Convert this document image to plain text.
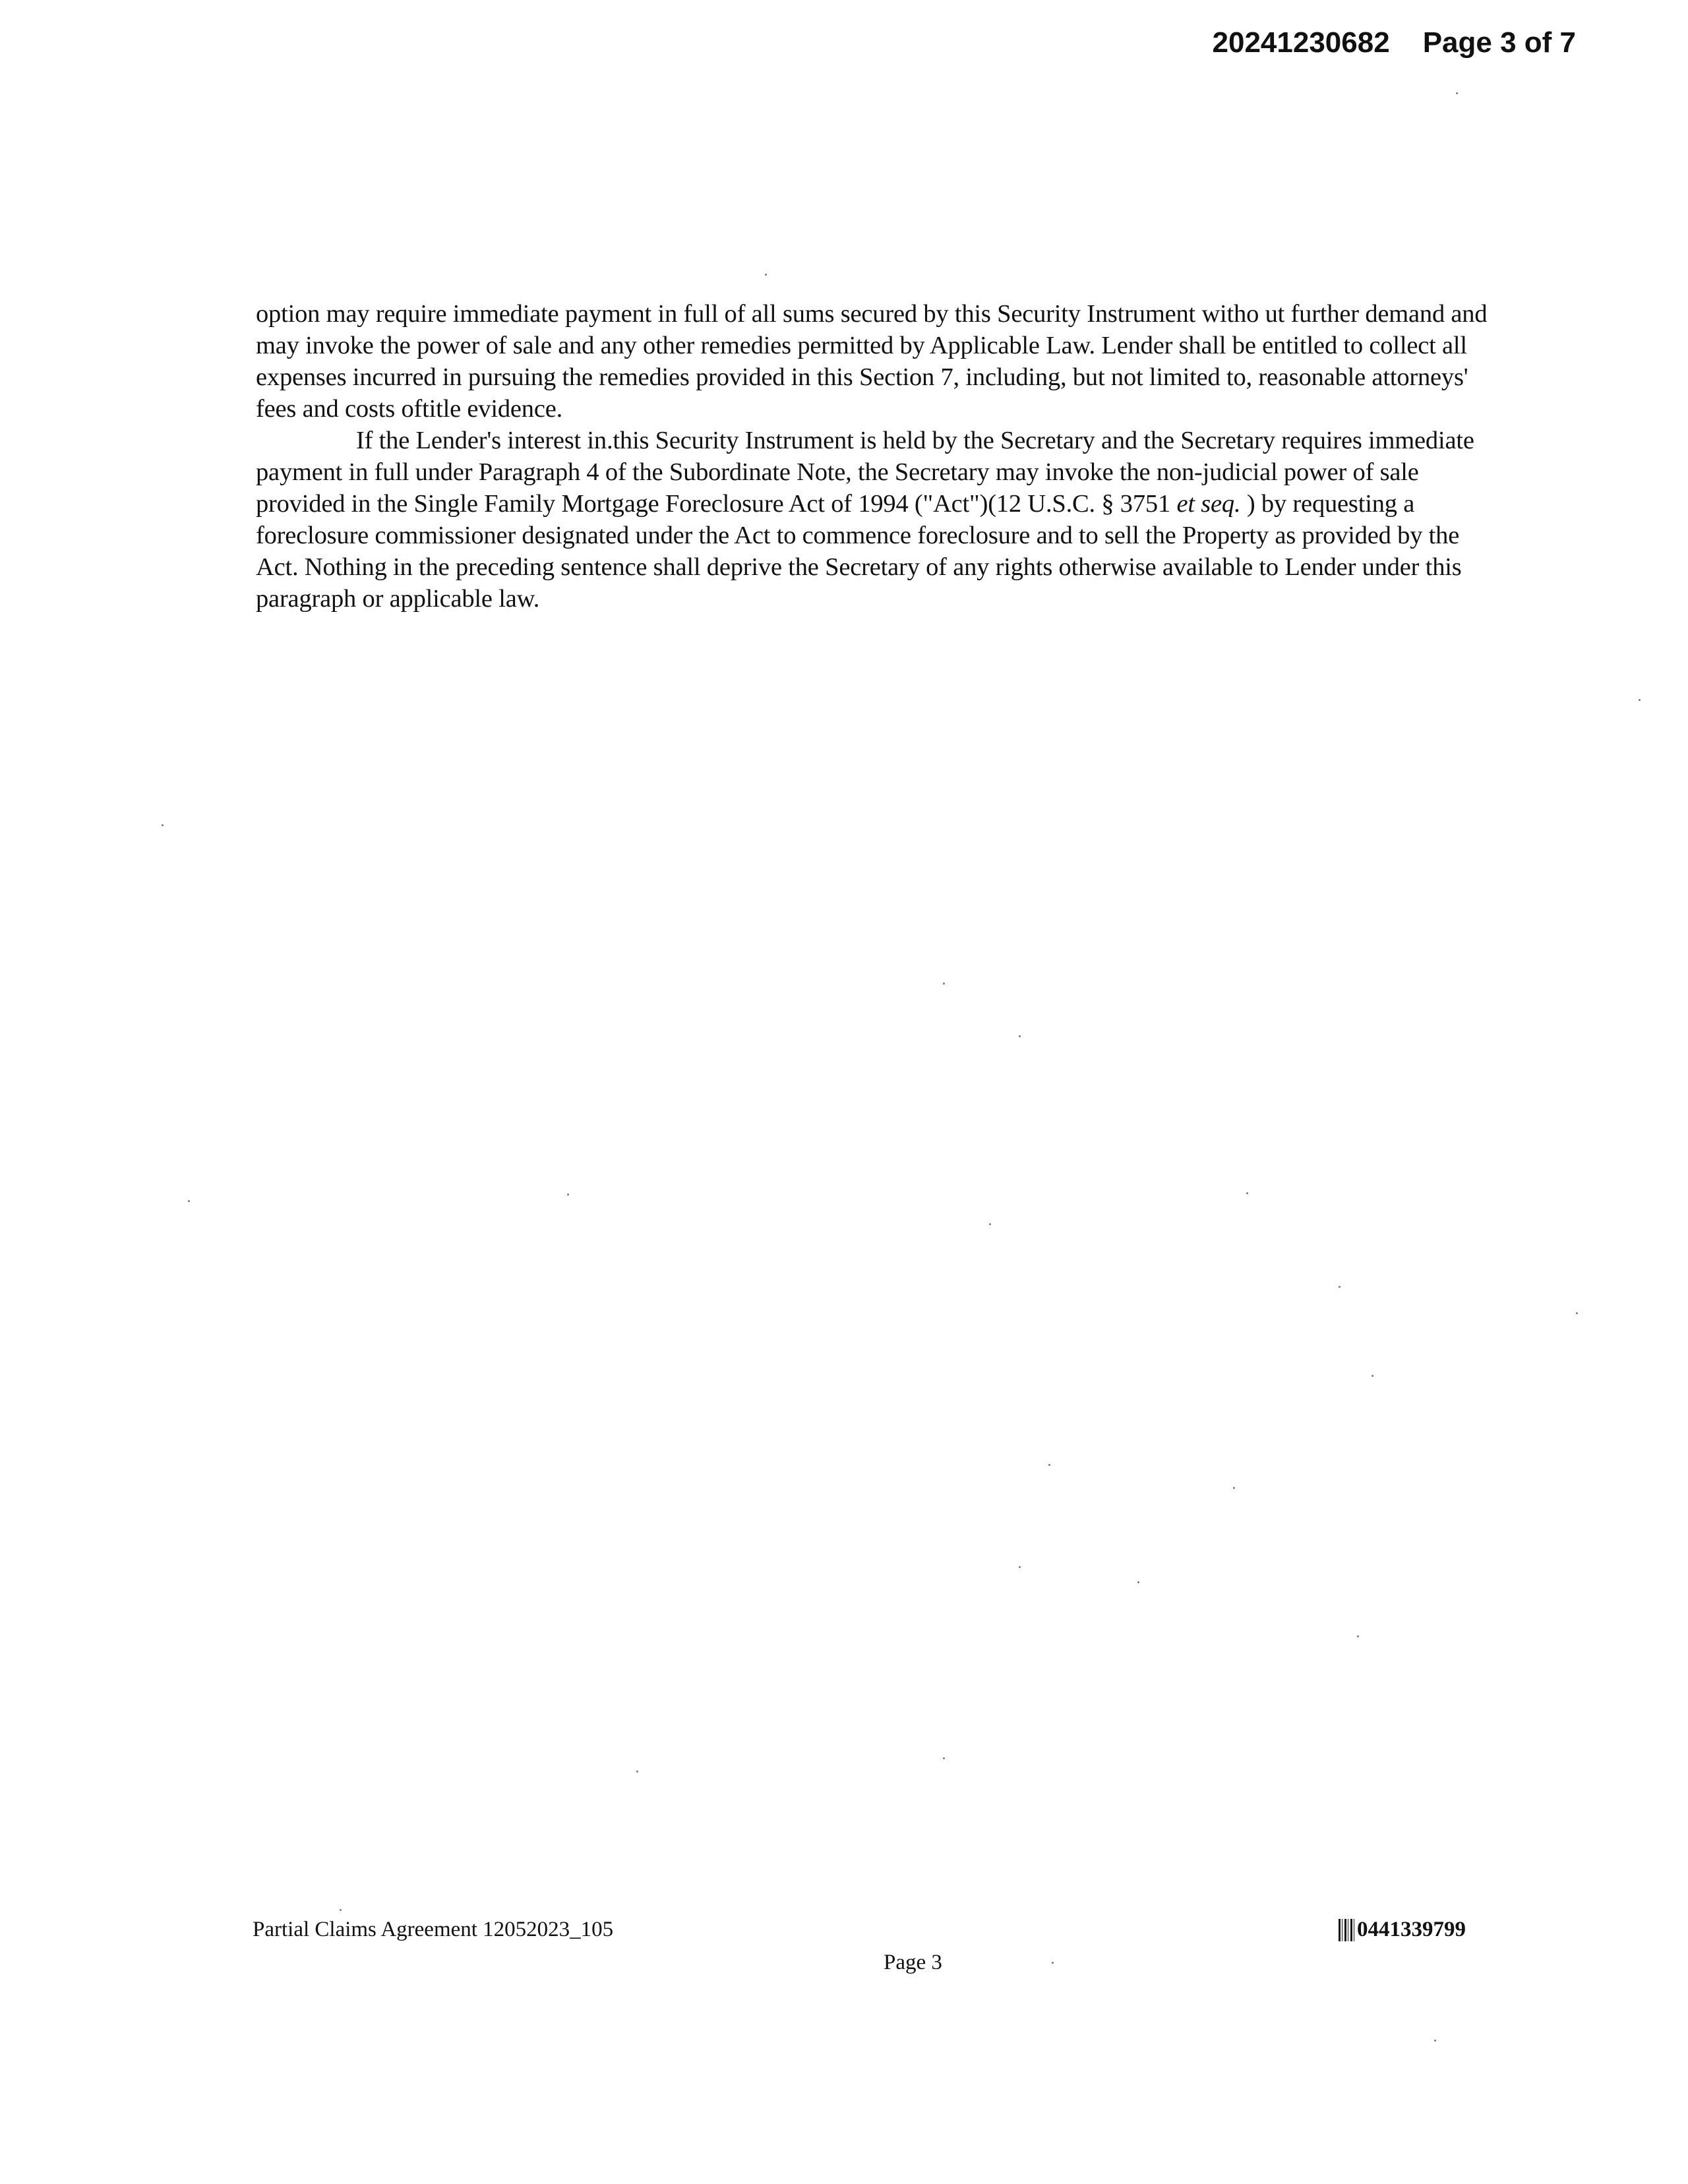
20241230682 Page 3 of 7

option may require immediate payment in full of all sums secured by this Security Instrument witho ut further demand and may invoke the power of sale and any other remedies permitted by Applicable Law. Lender shall be entitled to collect all expenses incurred in pursuing the remedies provided in this Section 7, including, but not limited to, reasonable attorneys' fees and costs oftitle evidence.

If the Lender's interest in.this Security Instrument is held by the Secretary and the Secretary requires immediate payment in full under Paragraph 4 of the Subordinate Note, the Secretary may invoke the non-judicial power of sale provided in the Single Family Mortgage Foreclosure Act of 1994 ("Act")(12 U.S.C. § 3751 et seq. ) by requesting a foreclosure commissioner designated under the Act to commence foreclosure and to sell the Property as provided by the Act. Nothing in the preceding sentence shall deprive the Secretary of any rights otherwise available to Lender under this paragraph or applicable law.

Partial Claims Agreement 12052023_105
Page 3
0441339799
